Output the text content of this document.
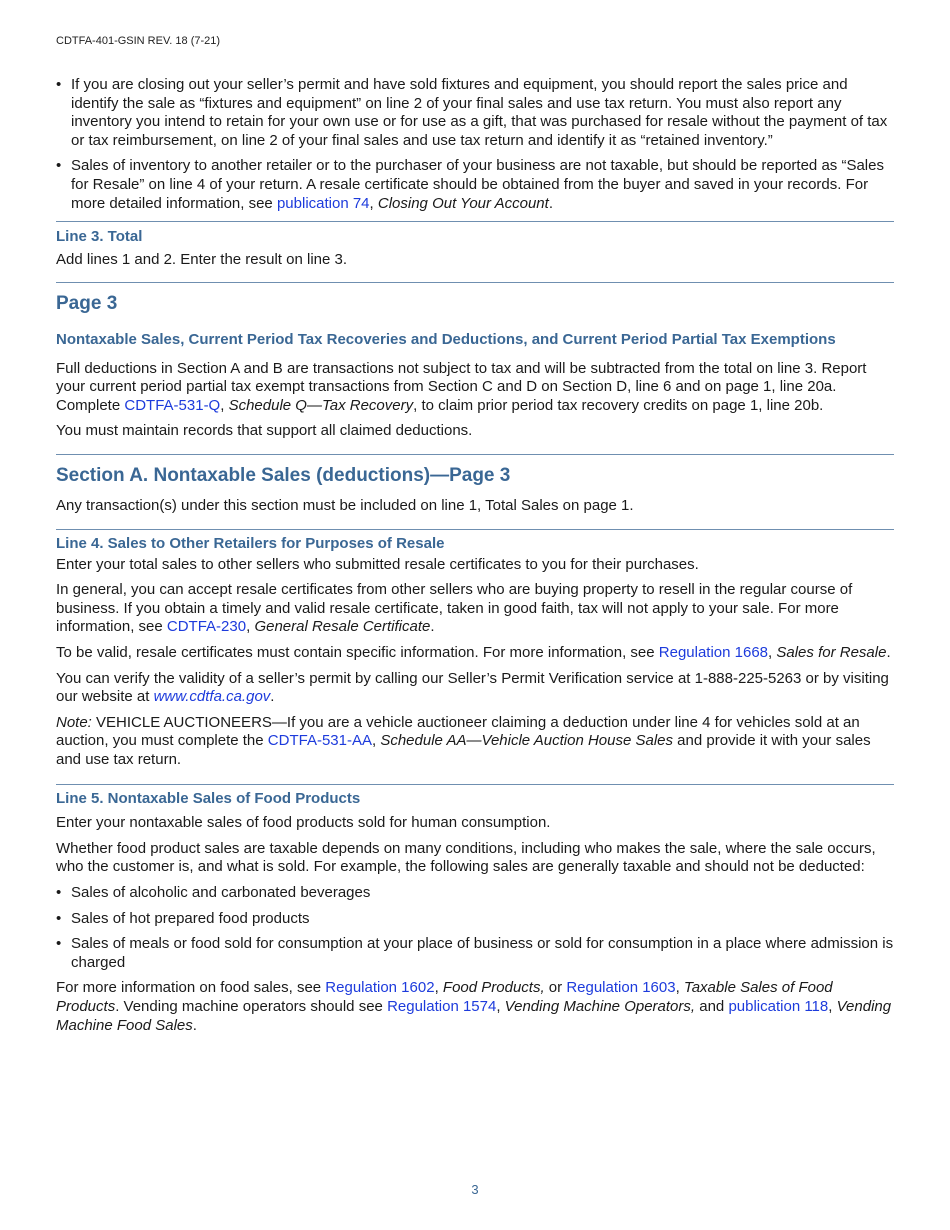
CDTFA-401-GSIN REV. 18 (7-21)
• If you are closing out your seller’s permit and have sold fixtures and equipment, you should report the sales price and identify the sale as “fixtures and equipment” on line 2 of your final sales and use tax return. You must also report any inventory you intend to retain for your own use or for use as a gift, that was purchased for resale without the payment of tax or tax reimbursement, on line 2 of your final sales and use tax return and identify it as “retained inventory.”
• Sales of inventory to another retailer or to the purchaser of your business are not taxable, but should be reported as “Sales for Resale” on line 4 of your return. A resale certificate should be obtained from the buyer and saved in your records. For more detailed information, see publication 74, Closing Out Your Account.
Line 3. Total

Add lines 1 and 2. Enter the result on line 3.

Page 3
Nontaxable Sales, Current Period Tax Recoveries and Deductions, and Current Period Partial Tax Exemptions

Full deductions in Section A and B are transactions not subject to tax and will be subtracted from the total on line 3. Report your current period partial tax exempt transactions from Section C and D on Section D, line 6 and on page 1, line 20a. Complete CDTFA-531-Q, Schedule Q—Tax Recovery, to claim prior period tax recovery credits on page 1, line 20b.

You must maintain records that support all claimed deductions.

Section A. Nontaxable Sales (deductions)—Page 3

Any transaction(s) under this section must be included on line 1, Total Sales on page 1.

Line 4. Sales to Other Retailers for Purposes of Resale

Enter your total sales to other sellers who submitted resale certificates to you for their purchases.

In general, you can accept resale certificates from other sellers who are buying property to resell in the regular course of business. If you obtain a timely and valid resale certificate, taken in good faith, tax will not apply to your sale. For more information, see CDTFA-230, General Resale Certificate.

To be valid, resale certificates must contain specific information. For more information, see Regulation 1668, Sales for Resale.

You can verify the validity of a seller’s permit by calling our Seller’s Permit Verification service at 1-888-225-5263 or by visiting our website at www.cdtfa.ca.gov.

Note: VEHICLE AUCTIONEERS—If you are a vehicle auctioneer claiming a deduction under line 4 for vehicles sold at an auction, you must complete the CDTFA-531-AA, Schedule AA—Vehicle Auction House Sales and provide it with your sales and use tax return.

Line 5. Nontaxable Sales of Food Products

Enter your nontaxable sales of food products sold for human consumption.

Whether food product sales are taxable depends on many conditions, including who makes the sale, where the sale occurs, who the customer is, and what is sold. For example, the following sales are generally taxable and should not be deducted:

• Sales of alcoholic and carbonated beverages
• Sales of hot prepared food products
• Sales of meals or food sold for consumption at your place of business or sold for consumption in a place where admission is charged

For more information on food sales, see Regulation 1602, Food Products, or Regulation 1603, Taxable Sales of Food Products. Vending machine operators should see Regulation 1574, Vending Machine Operators, and publication 118, Vending Machine Food Sales.

3
